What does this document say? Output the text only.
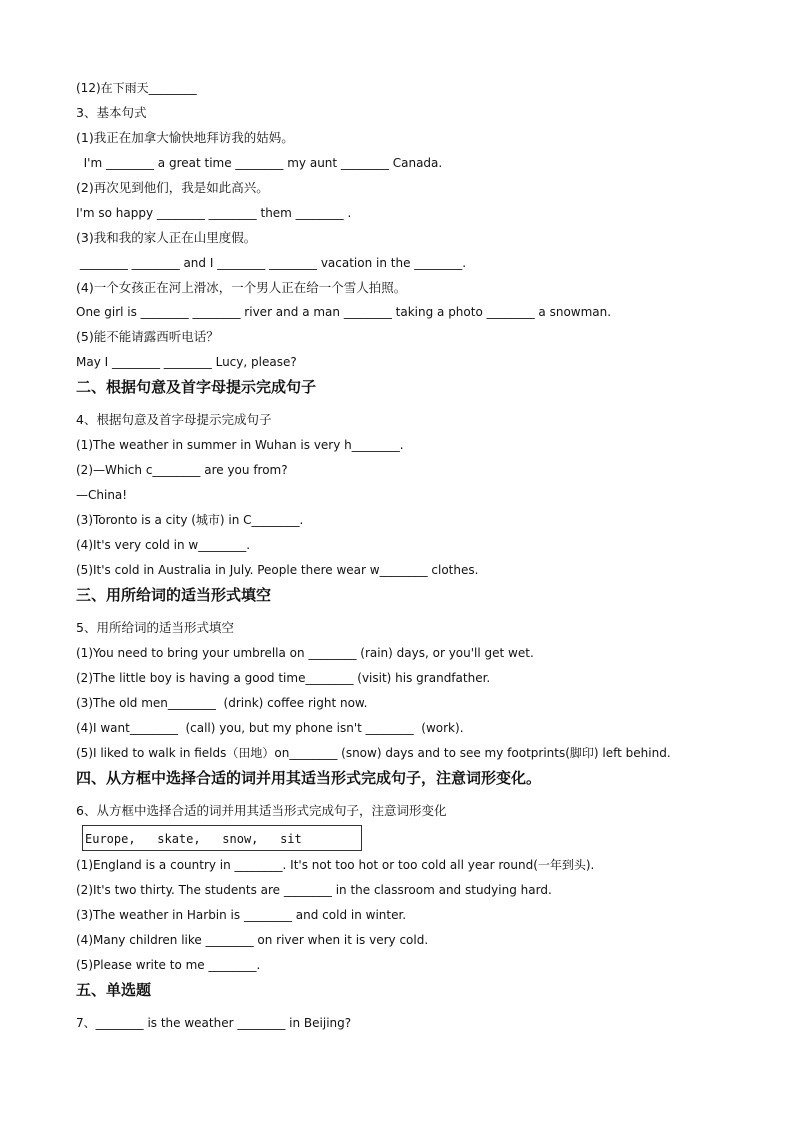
(12)在下雨天________
3、基本句式
(1)我正在加拿大愉快地拜访我的姑妈。
I'm ________ a great time ________ my aunt ________ Canada.
(2)再次见到他们，我是如此高兴。
I'm so happy ________ ________ them ________ .
(3)我和我的家人正在山里度假。
________ ________ and I ________ ________ vacation in the ________.
(4)一个女孩正在河上滑冰，一个男人正在给一个雪人拍照。
One girl is ________ ________ river and a man ________ taking a photo ________ a snowman.
(5)能不能请露西听电话？
May I ________ ________ Lucy, please?
二、根据句意及首字母提示完成句子
4、根据句意及首字母提示完成句子
(1)The weather in summer in Wuhan is very h________.
(2)—Which c________ are you from?
—China!
(3)Toronto is a city (城市) in C________.
(4)It's very cold in w________.
(5)It's cold in Australia in July. People there wear w________ clothes.
三、用所给词的适当形式填空
5、用所给词的适当形式填空
(1)You need to bring your umbrella on ________ (rain) days, or you'll get wet.
(2)The little boy is having a good time________ (visit) his grandfather.
(3)The old men________  (drink) coffee right now.
(4)I want________  (call) you, but my phone isn't ________  (work).
(5)I liked to walk in fields（田地）on________ (snow) days and to see my footprints(脚印) left behind.
四、从方框中选择合适的词并用其适当形式完成句子，注意词形变化。
6、从方框中选择合适的词并用其适当形式完成句子，注意词形变化
Europe,   skate,   snow,   sit
(1)England is a country in ________. It's not too hot or too cold all year round(一年到头).
(2)It's two thirty. The students are ________ in the classroom and studying hard.
(3)The weather in Harbin is ________ and cold in winter.
(4)Many children like ________ on river when it is very cold.
(5)Please write to me ________.
五、单选题
7、________ is the weather ________ in Beijing?
